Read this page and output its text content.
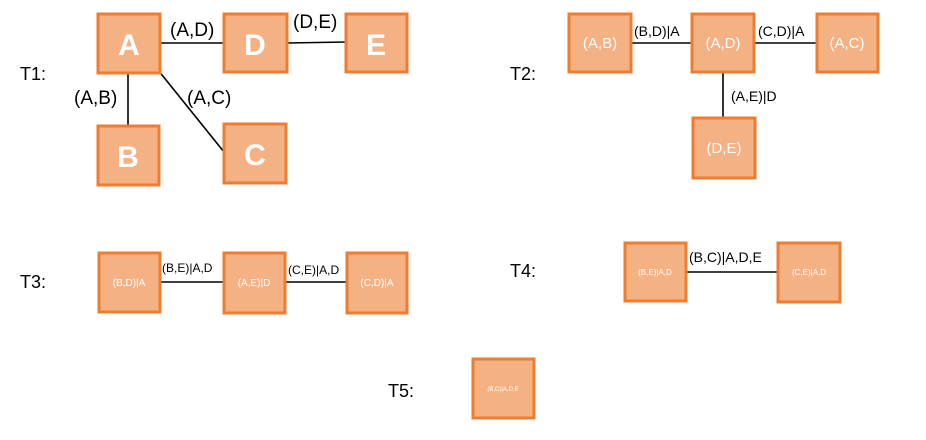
T1:
A	D	E
B	C
(A,D)	(D,E)
(A,B)	(A,C)
T2:
(A,B)	(A,D)	(A,C)
(D,E)
(B,D)|A	(C,D)|A
(A,E)|D
T3:	(B,D)|A	(A,E)|D	(C,D)|A
(B,E)|A,D	(C,E)|A,D	T4:	(B,E)|A,D	(C,E)|A,D
(B,C)|A,D,E
T5:	(B,C)|A,D,E
